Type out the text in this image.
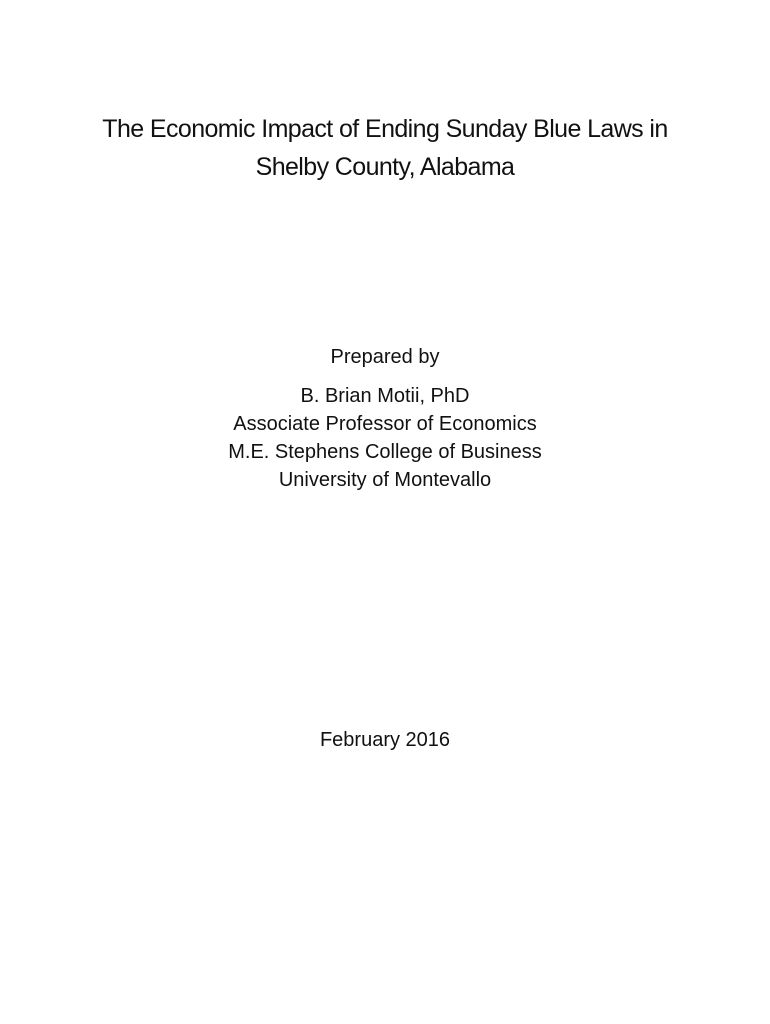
The Economic Impact of Ending Sunday Blue Laws in
Shelby County, Alabama
Prepared by
B. Brian Motii, PhD
Associate Professor of Economics
M.E. Stephens College of Business
University of Montevallo
February 2016
